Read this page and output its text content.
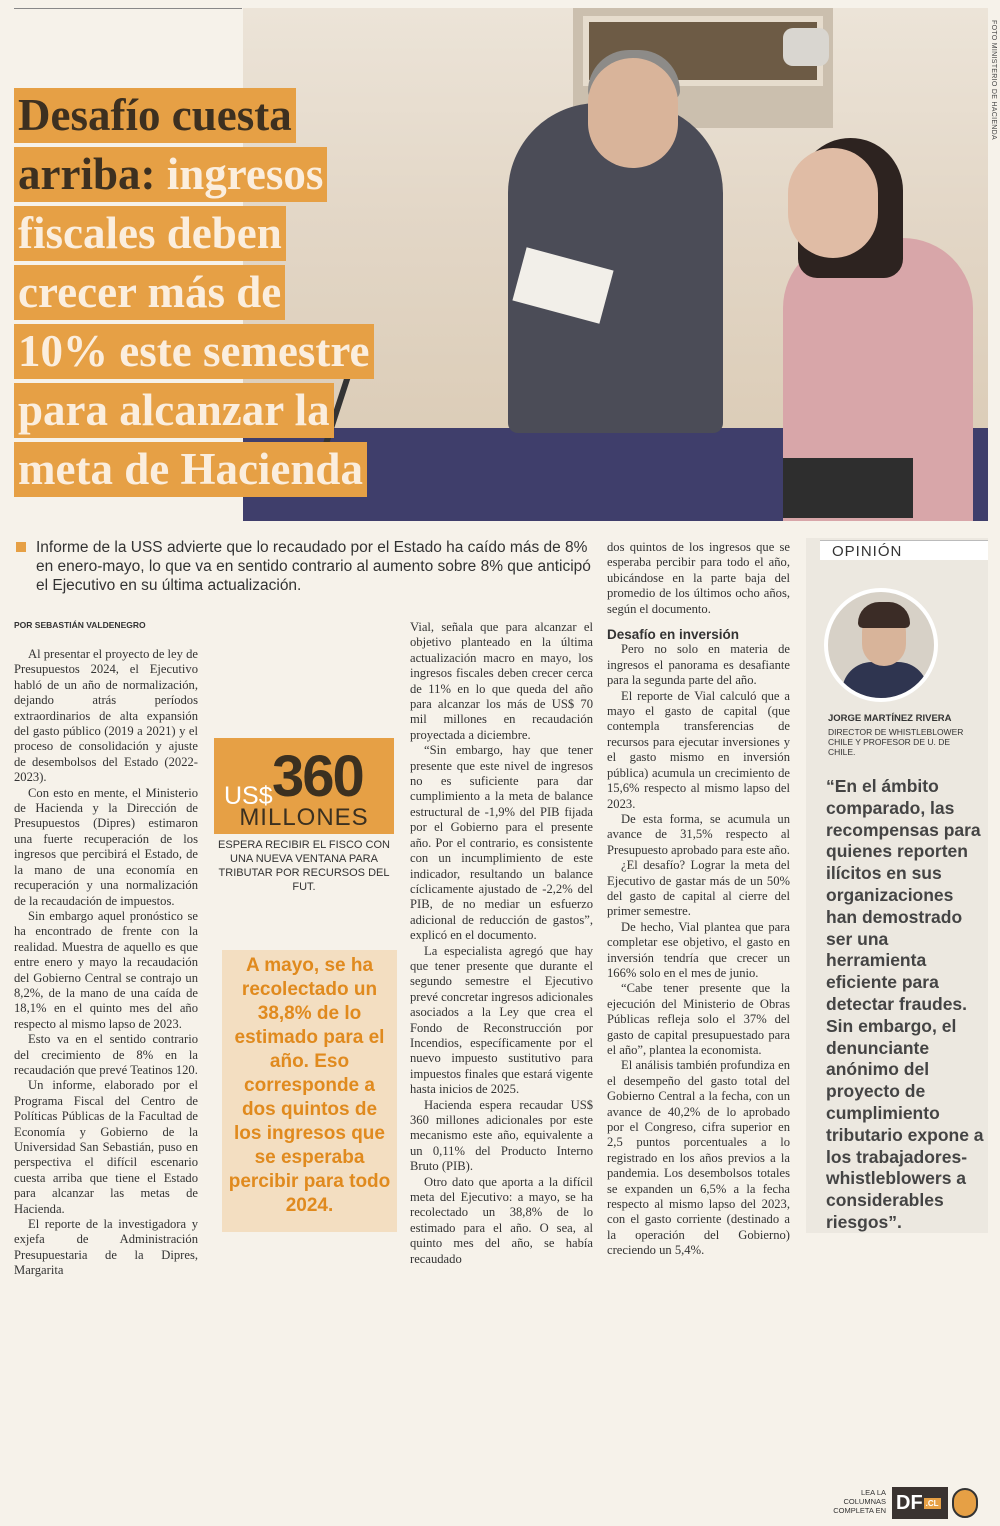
FOTO MINISTERIO DE HACIENDA
Desafío cuesta
arriba: ingresos
fiscales deben
crecer más de
10% este semestre
para alcanzar la
meta de Hacienda
Informe de la USS advierte que lo recaudado por el Estado ha caído más de 8% en enero-mayo, lo que va en sentido contrario al aumento sobre 8% que anticipó el Ejecutivo en su última actualización.
POR SEBASTIÁN VALDENEGRO

Al presentar el proyecto de ley de Presupuestos 2024, el Ejecutivo habló de un año de normalización, dejando atrás períodos extraordinarios de alta expansión del gasto público (2019 a 2021) y el proceso de consolidación y ajuste de desembolsos del Estado (2022-2023).

Con esto en mente, el Ministerio de Hacienda y la Dirección de Presupuestos (Dipres) estimaron una fuerte recuperación de los ingresos que percibirá el Estado, de la mano de una economía en recuperación y una normalización de la recaudación de impuestos.

Sin embargo aquel pronóstico se ha encontrado de frente con la realidad. Muestra de aquello es que entre enero y mayo la recaudación del Gobierno Central se contrajo un 8,2%, de la mano de una caída de 18,1% en el quinto mes del año respecto al mismo lapso de 2023.

Esto va en el sentido contrario del crecimiento de 8% en la recaudación que prevé Teatinos 120.

Un informe, elaborado por el Programa Fiscal del Centro de Políticas Públicas de la Facultad de Economía y Gobierno de la Universidad San Sebastián, puso en perspectiva el difícil escenario cuesta arriba que tiene el Estado para alcanzar las metas de Hacienda.

El reporte de la investigadora y exjefa de Administración Presupuestaria de la Dipres, Margarita

US$ 360
MILLONES
ESPERA RECIBIR EL FISCO CON UNA NUEVA VENTANA PARA TRIBUTAR POR RECURSOS DEL FUT.
A mayo, se ha recolectado un 38,8% de lo estimado para el año. Eso corresponde a dos quintos de los ingresos que se esperaba percibir para todo 2024.

Vial, señala que para alcanzar el objetivo planteado en la última actualización macro en mayo, los ingresos fiscales deben crecer cerca de 11% en lo que queda del año para alcanzar los más de US$ 70 mil millones en recaudación proyectada a diciembre.

“Sin embargo, hay que tener presente que este nivel de ingresos no es suficiente para dar cumplimiento a la meta de balance estructural de -1,9% del PIB fijada por el Gobierno para el presente año. Por el contrario, es consistente con un incumplimiento de este indicador, resultando un balance cíclicamente ajustado de -2,2% del PIB, de no mediar un esfuerzo adicional de reducción de gastos”, explicó en el documento.

La especialista agregó que hay que tener presente que durante el segundo semestre el Ejecutivo prevé concretar ingresos adicionales asociados a la Ley que crea el Fondo de Reconstrucción por Incendios, específicamente por el nuevo impuesto sustitutivo para impuestos finales que estará vigente hasta inicios de 2025.

Hacienda espera recaudar US$ 360 millones adicionales por este mecanismo este año, equivalente a un 0,11% del Producto Interno Bruto (PIB).

Otro dato que aporta a la difícil meta del Ejecutivo: a mayo, se ha recolectado un 38,8% de lo estimado para el año. O sea, al quinto mes del año, se había recaudado

dos quintos de los ingresos que se esperaba percibir para todo el año, ubicándose en la parte baja del promedio de los últimos ocho años, según el documento.

Desafío en inversión

Pero no solo en materia de ingresos el panorama es desafiante para la segunda parte del año.

El reporte de Vial calculó que a mayo el gasto de capital (que contempla transferencias de recursos para ejecutar inversiones y el gasto mismo en inversión pública) acumula un crecimiento de 15,6% respecto al mismo lapso del 2023.

De esta forma, se acumula un avance de 31,5% respecto al Presupuesto aprobado para este año.

¿El desafío? Lograr la meta del Ejecutivo de gastar más de un 50% del gasto de capital al cierre del primer semestre.

De hecho, Vial plantea que para completar ese objetivo, el gasto en inversión tendría que crecer un 166% solo en el mes de junio.

“Cabe tener presente que la ejecución del Ministerio de Obras Públicas refleja solo el 37% del gasto de capital presupuestado para el año”, plantea la economista.

El análisis también profundiza en el desempeño del gasto total del Gobierno Central a la fecha, con un avance de 40,2% de lo aprobado por el Congreso, cifra superior en 2,5 puntos porcentuales a lo registrado en los años previos a la pandemia. Los desembolsos totales se expanden un 6,5% a la fecha respecto al mismo lapso del 2023, con el gasto corriente (destinado a la operación del Gobierno) creciendo un 5,4%.

OPINIÓN
JORGE MARTÍNEZ RIVERA
DIRECTOR DE WHISTLEBLOWER CHILE Y PROFESOR DE U. DE CHILE.
“En el ámbito comparado, las recompensas para quienes reporten ilícitos en sus organizaciones han demostrado ser una herramienta eficiente para detectar fraudes. Sin embargo, el denunciante anónimo del proyecto de cumplimiento tributario expone a los trabajadores-whistleblowers a considerables riesgos”.
LEA LA COLUMNAS COMPLETA EN DF .CL
